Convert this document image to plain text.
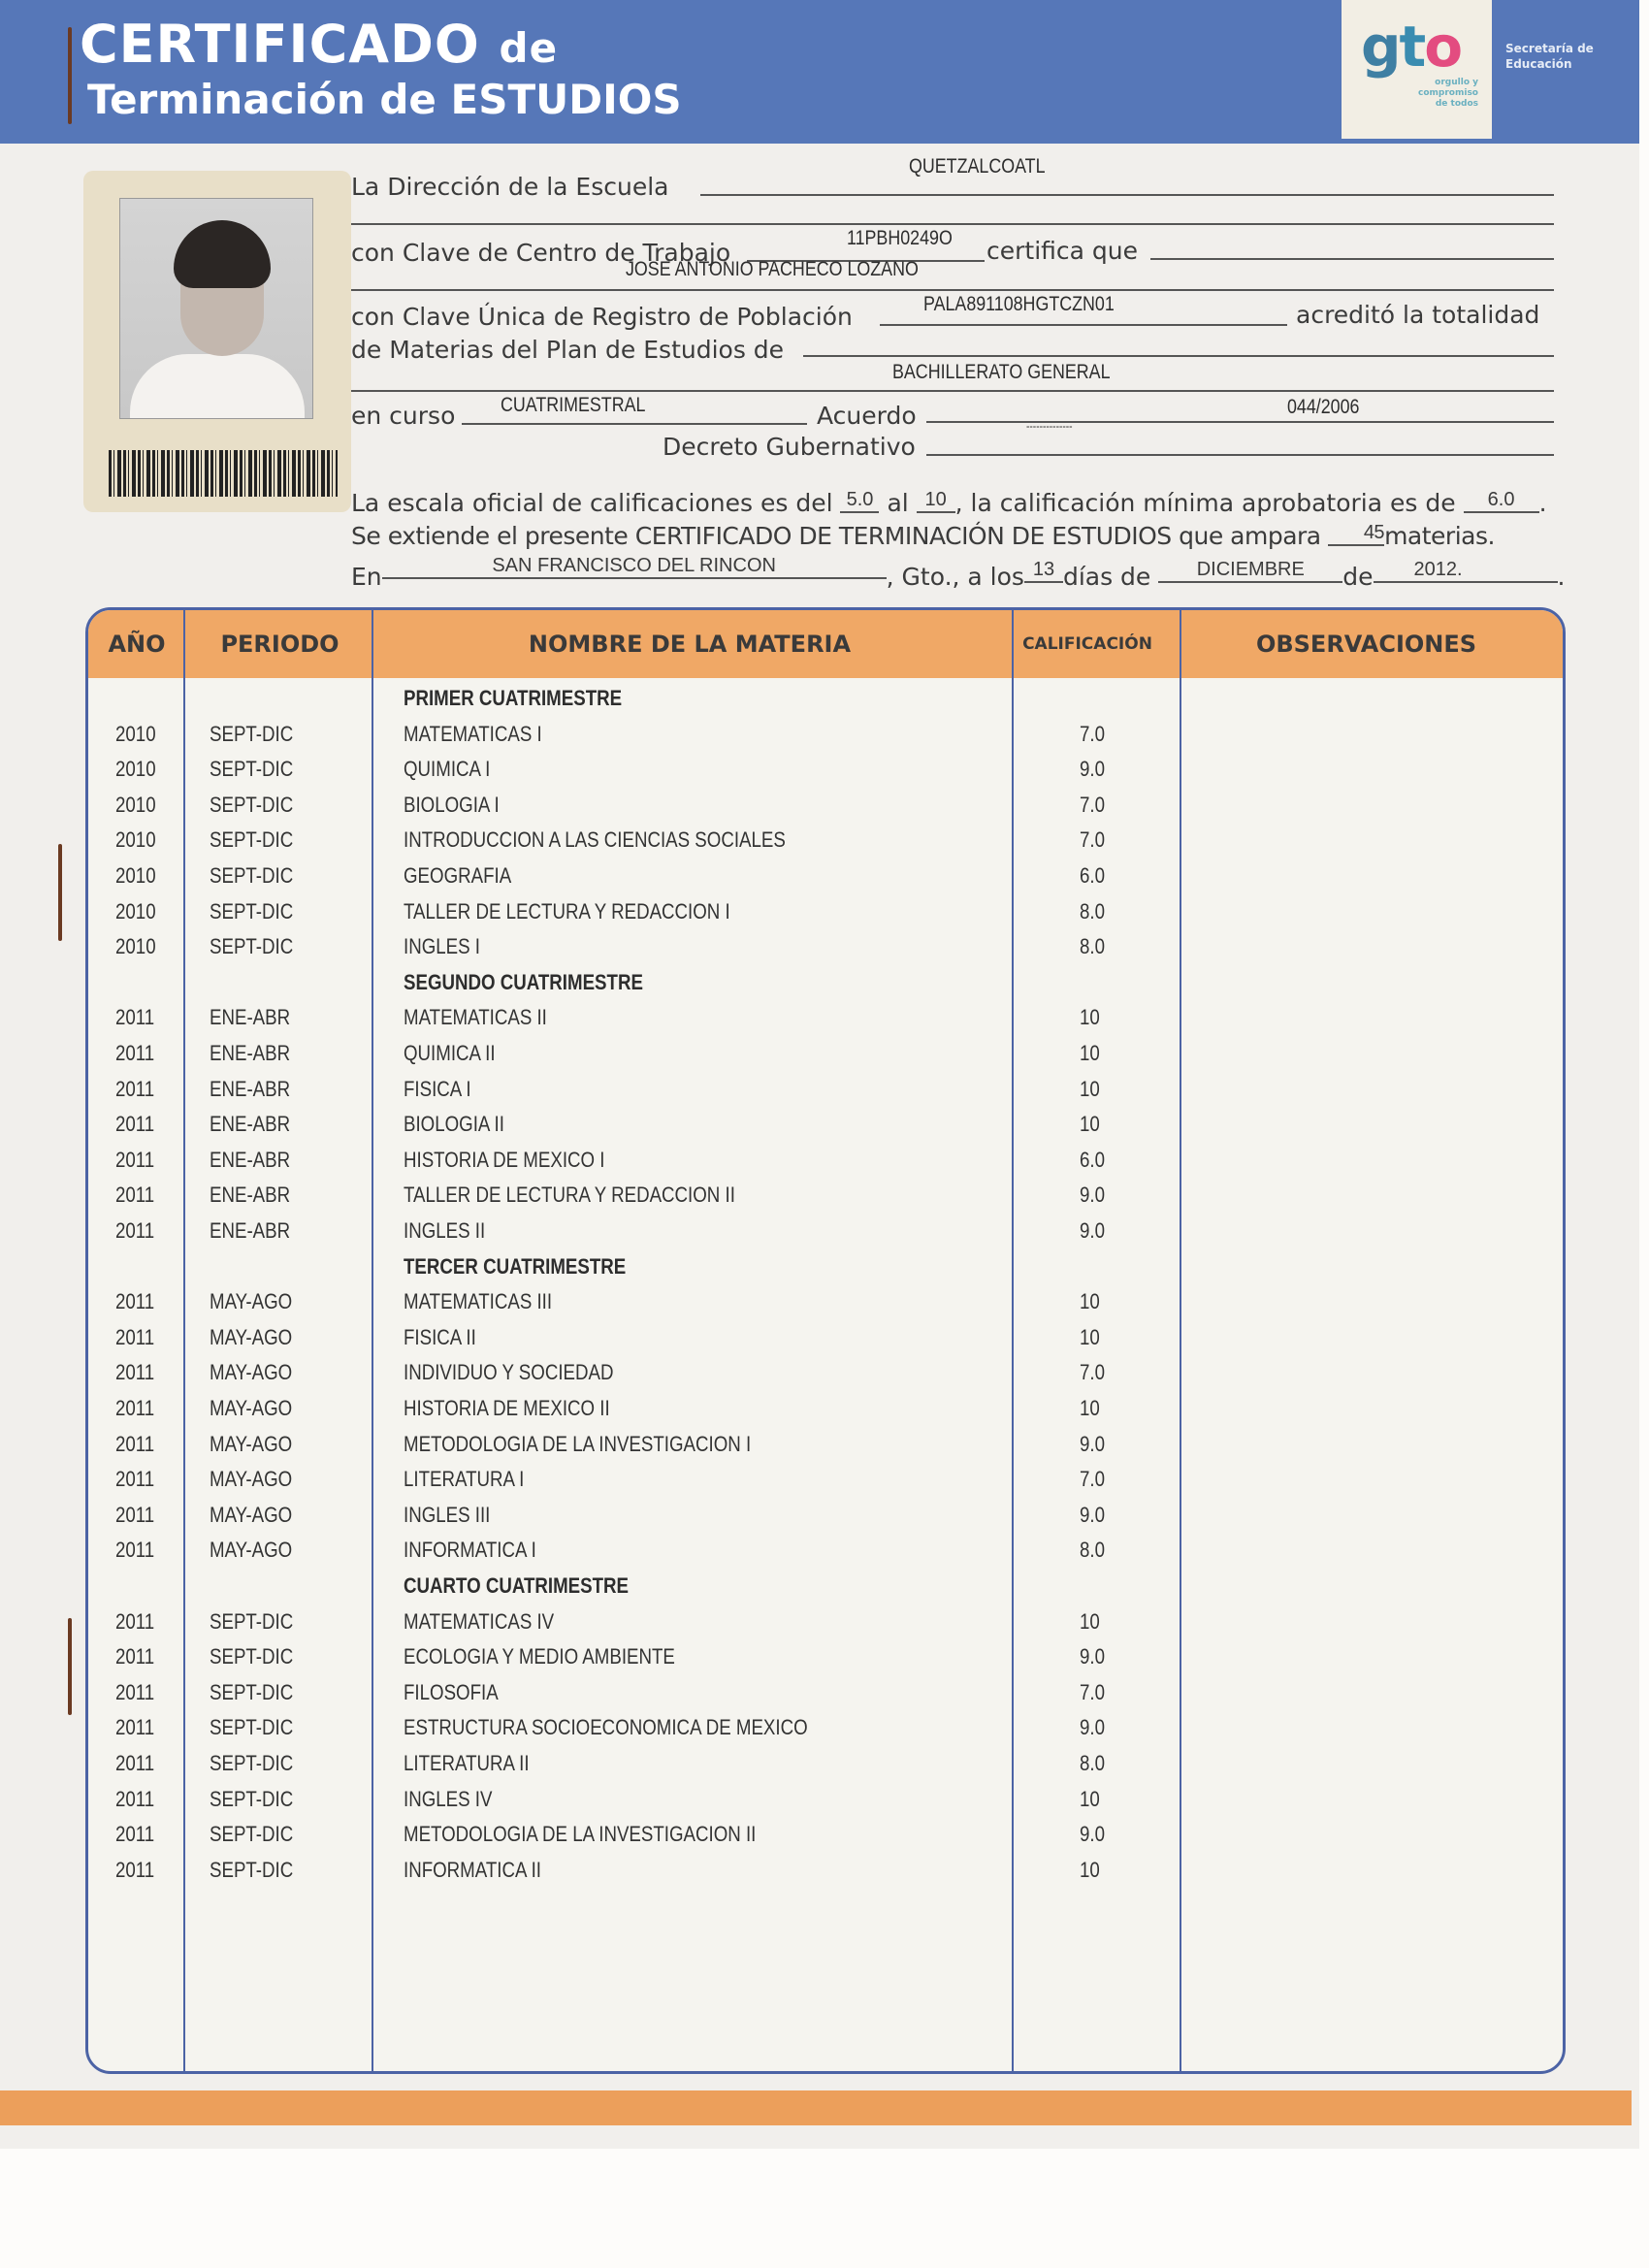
CERTIFICADO de
Terminación de ESTUDIOS
gto
orgullo y
compromiso
de todos
Secretaría de
Educación
La Dirección de la Escuela
QUETZALCOATL
con Clave de Centro de Trabajo
11PBH0249O certifica que
JOSE ANTONIO PACHECO LOZANO
con Clave Única de Registro de Población	PALA891108HGTCZN01	acreditó la totalidad
de Materias del Plan de Estudios de
BACHILLERATO GENERAL
en curso CUATRIMESTRAL	Acuerdo	044/2006
Decreto Gubernativo
--------------
La escala oficial de calificaciones es del 5.0 al 10 , la calificación mínima aprobatoria es de 6.0 .
Se extiende el presente CERTIFICADO DE TERMINACIÓN DE ESTUDIOS que ampara 45materias.
En	SAN FRANCISCO DEL RINCON	, Gto., a los 13 días de DICIEMBRE de 2012.	.
AÑO	PERIODO	NOMBRE DE LA MATERIA	CALIFICACIÓN	OBSERVACIONES
PRIMER CUATRIMESTRE
2010	SEPT-DIC	MATEMATICAS I	7.0
2010	SEPT-DIC	QUIMICA I	9.0
2010	SEPT-DIC	BIOLOGIA I	7.0
2010	SEPT-DIC	INTRODUCCION A LAS CIENCIAS SOCIALES	7.0
2010	SEPT-DIC	GEOGRAFIA	6.0
2010	SEPT-DIC	TALLER DE LECTURA Y REDACCION I	8.0
2010	SEPT-DIC	INGLES I	8.0
SEGUNDO CUATRIMESTRE
2011	ENE-ABR	MATEMATICAS II	10
2011	ENE-ABR	QUIMICA II	10
2011	ENE-ABR	FISICA I	10
2011	ENE-ABR	BIOLOGIA II	10
2011	ENE-ABR	HISTORIA DE MEXICO I	6.0
2011	ENE-ABR	TALLER DE LECTURA Y REDACCION II	9.0
2011	ENE-ABR	INGLES II	9.0
TERCER CUATRIMESTRE
2011	MAY-AGO	MATEMATICAS III	10
2011	MAY-AGO	FISICA II	10
2011	MAY-AGO	INDIVIDUO Y SOCIEDAD	7.0
2011	MAY-AGO	HISTORIA DE MEXICO II	10
2011	MAY-AGO	METODOLOGIA DE LA INVESTIGACION I	9.0
2011	MAY-AGO	LITERATURA I	7.0
2011	MAY-AGO	INGLES III	9.0
2011	MAY-AGO	INFORMATICA I	8.0
CUARTO CUATRIMESTRE
2011	SEPT-DIC	MATEMATICAS IV	10
2011	SEPT-DIC	ECOLOGIA Y MEDIO AMBIENTE	9.0
2011	SEPT-DIC	FILOSOFIA	7.0
2011	SEPT-DIC	ESTRUCTURA SOCIOECONOMICA DE MEXICO	9.0
2011	SEPT-DIC	LITERATURA II	8.0
2011	SEPT-DIC	INGLES IV	10
2011	SEPT-DIC	METODOLOGIA DE LA INVESTIGACION II	9.0
2011	SEPT-DIC	INFORMATICA II	10
